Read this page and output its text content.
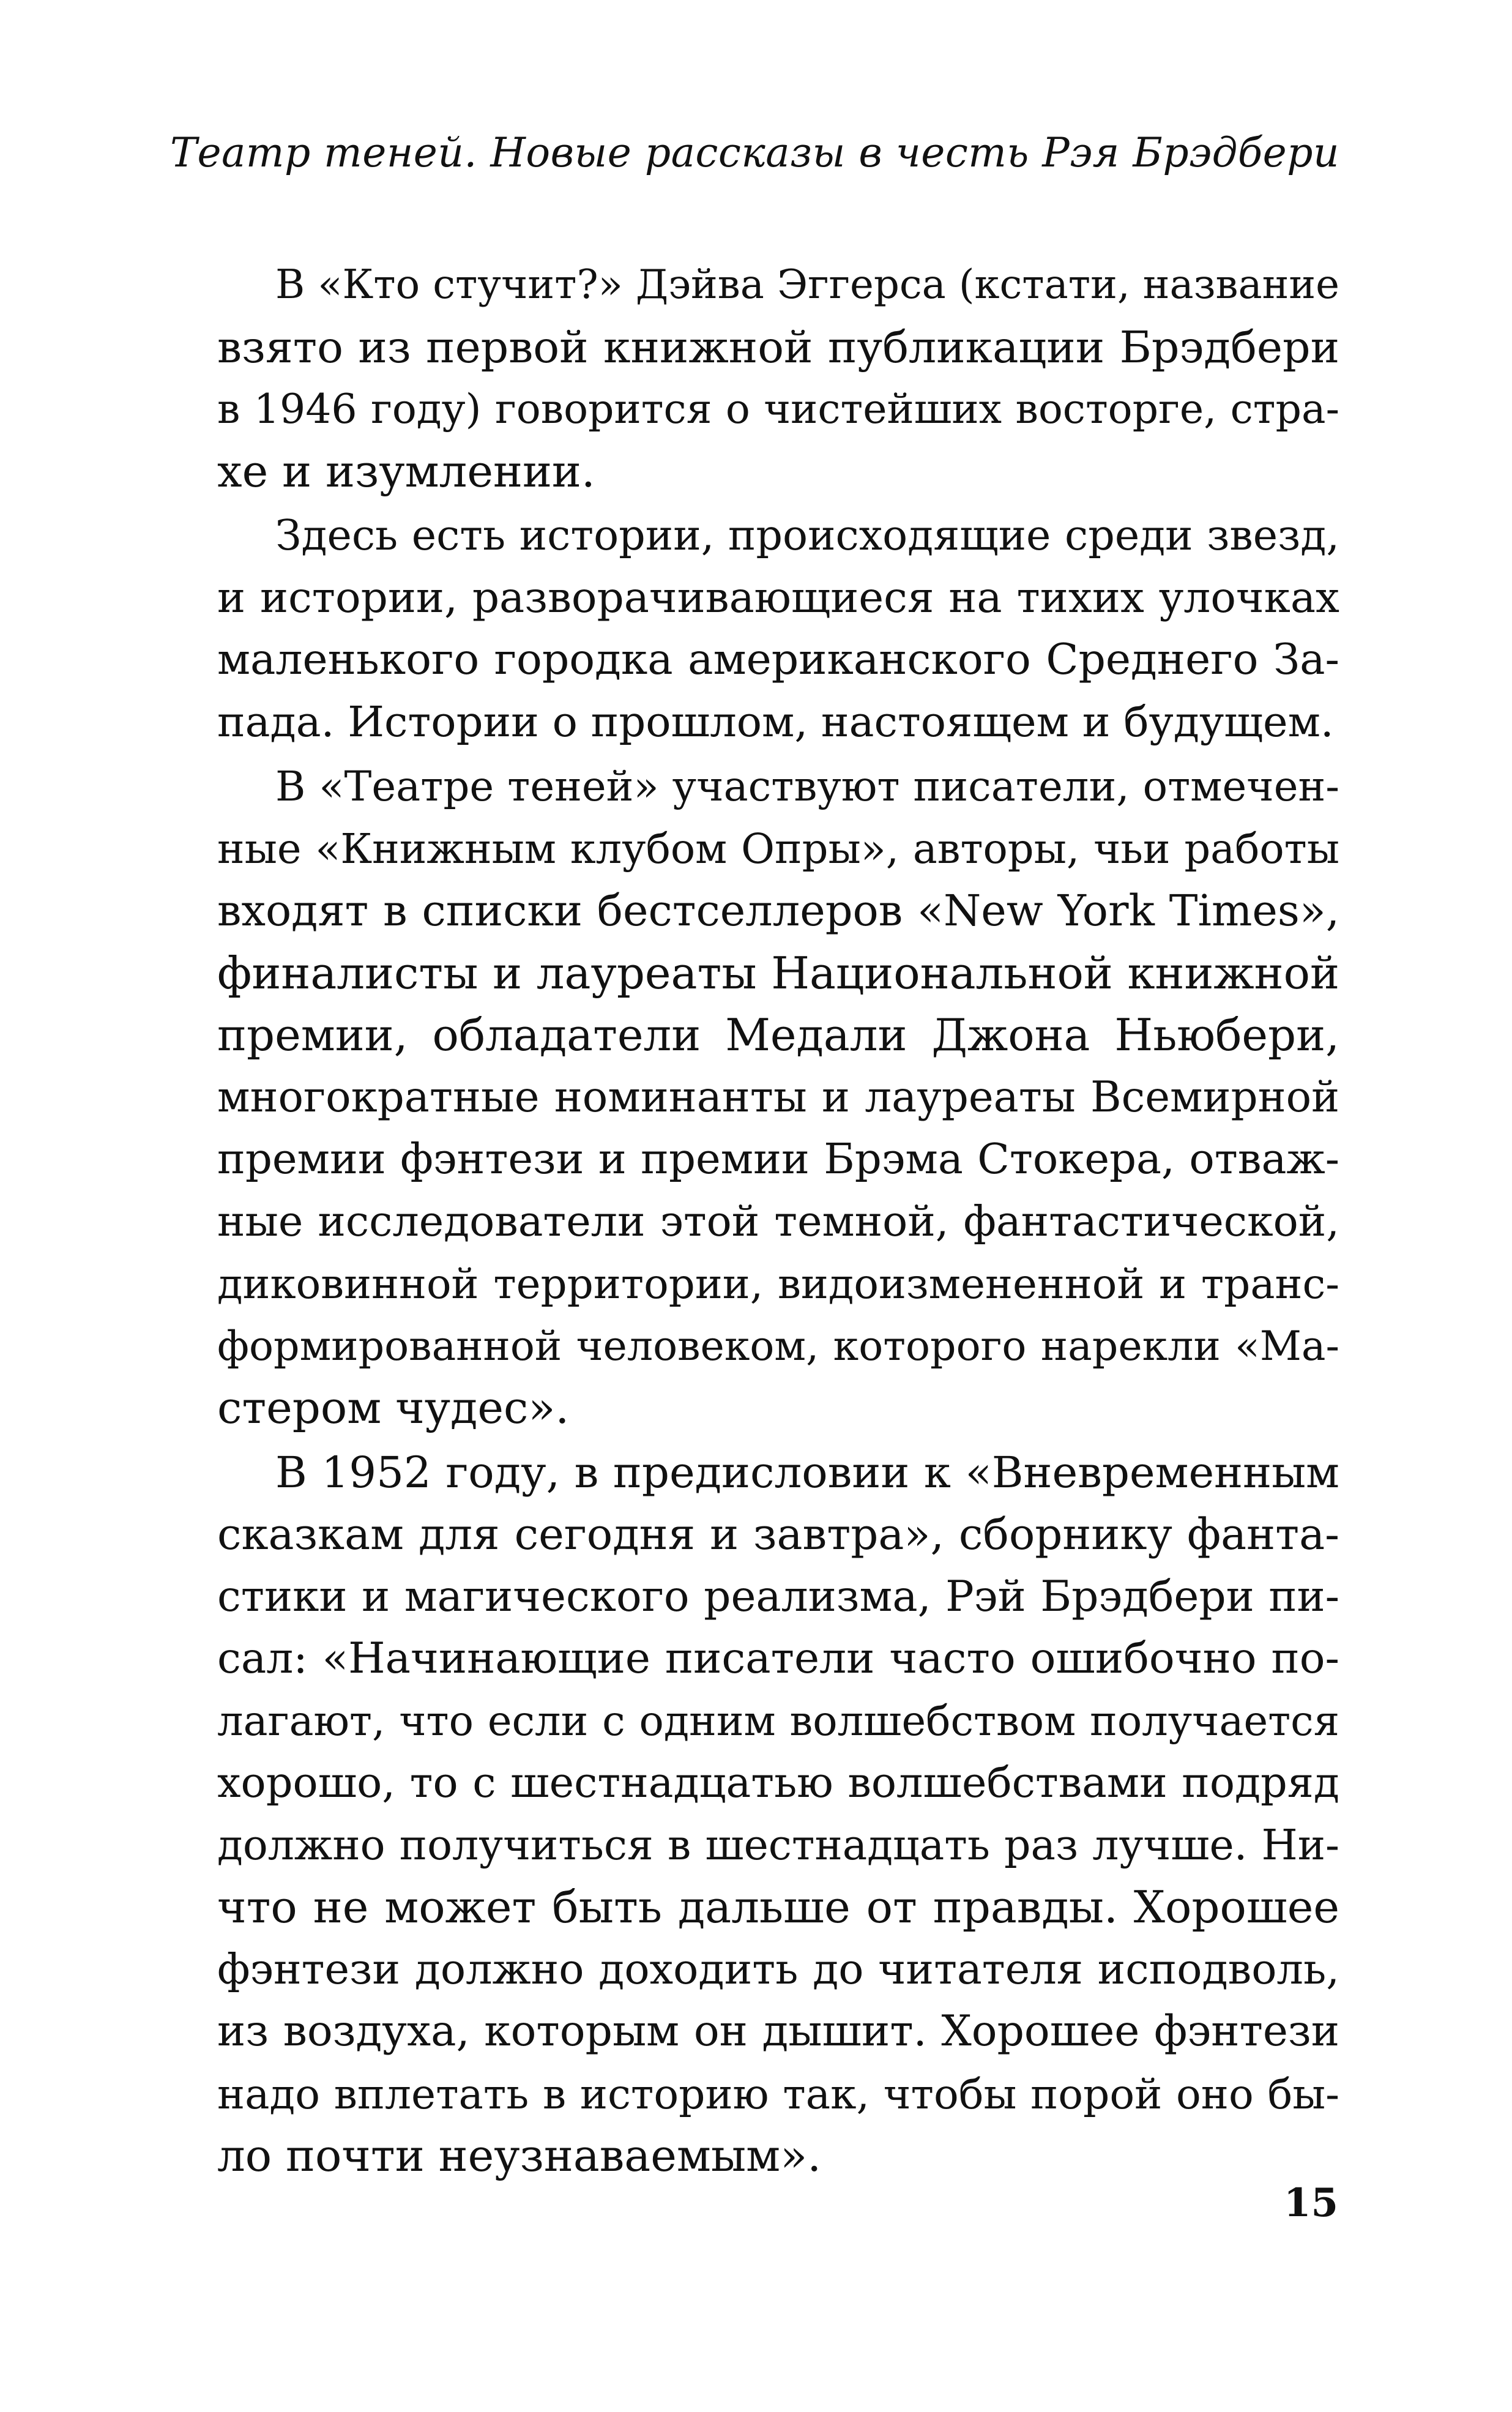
Театр теней. Новые рассказы в честь Рэя Брэдбери
В «Кто стучит?» Дэйва Эггерса (кстати, название
взято из первой книжной публикации Брэдбери
в 1946 году) говорится о чистейших восторге, стра-
хе и изумлении.
Здесь есть истории, происходящие среди звезд,
и истории, разворачивающиеся на тихих улочках
маленького городка американского Среднего За-
пада. Истории о прошлом, настоящем и будущем.
В «Театре теней» участвуют писатели, отмечен-
ные «Книжным клубом Опры», авторы, чьи работы
входят в списки бестселлеров «New York Times»,
финалисты и лауреаты Национальной книжной
премии, обладатели Медали Джона Ньюбери,
многократные номинанты и лауреаты Всемирной
премии фэнтези и премии Брэма Стокера, отваж-
ные исследователи этой темной, фантастической,
диковинной территории, видоизмененной и транс-
формированной человеком, которого нарекли «Ма-
стером чудес».
В 1952 году, в предисловии к «Вневременным
сказкам для сегодня и завтра», сборнику фанта-
стики и магического реализма, Рэй Брэдбери пи-
сал: «Начинающие писатели часто ошибочно по-
лагают, что если с одним волшебством получается
хорошо, то с шестнадцатью волшебствами подряд
должно получиться в шестнадцать раз лучше. Ни-
что не может быть дальше от правды. Хорошее
фэнтези должно доходить до читателя исподволь,
из воздуха, которым он дышит. Хорошее фэнтези
надо вплетать в историю так, чтобы порой оно бы-
ло почти неузнаваемым».
15
